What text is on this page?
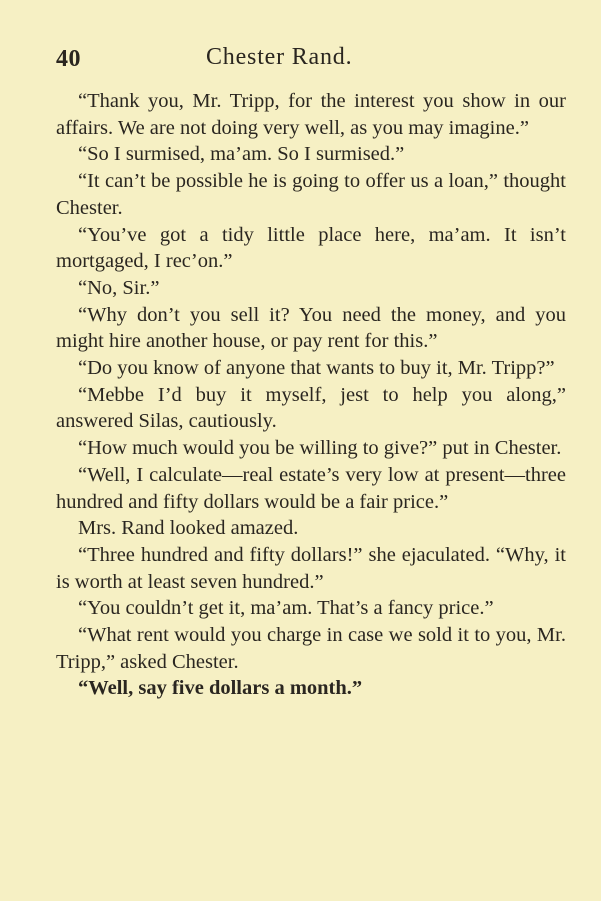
40	Chester Rand.

“Thank you, Mr. Tripp, for the interest you show in our affairs. We are not doing very well, as you may imagine.”

“So I surmised, ma’am. So I surmised.”

“It can’t be possible he is going to offer us a loan,” thought Chester.

“You’ve got a tidy little place here, ma’am. It isn’t mortgaged, I rec’on.”

“No, Sir.”

“Why don’t you sell it? You need the money, and you might hire another house, or pay rent for this.”

“Do you know of anyone that wants to buy it, Mr. Tripp?”

“Mebbe I’d buy it myself, jest to help you along,” answered Silas, cautiously.

“How much would you be willing to give?” put in Chester.

“Well, I calculate—real estate’s very low at present—three hundred and fifty dollars would be a fair price.”

Mrs. Rand looked amazed.

“Three hundred and fifty dollars!” she ejaculated. “Why, it is worth at least seven hundred.”

“You couldn’t get it, ma’am. That’s a fancy price.”

“What rent would you charge in case we sold it to you, Mr. Tripp,” asked Chester.

“Well, say five dollars a month.”
